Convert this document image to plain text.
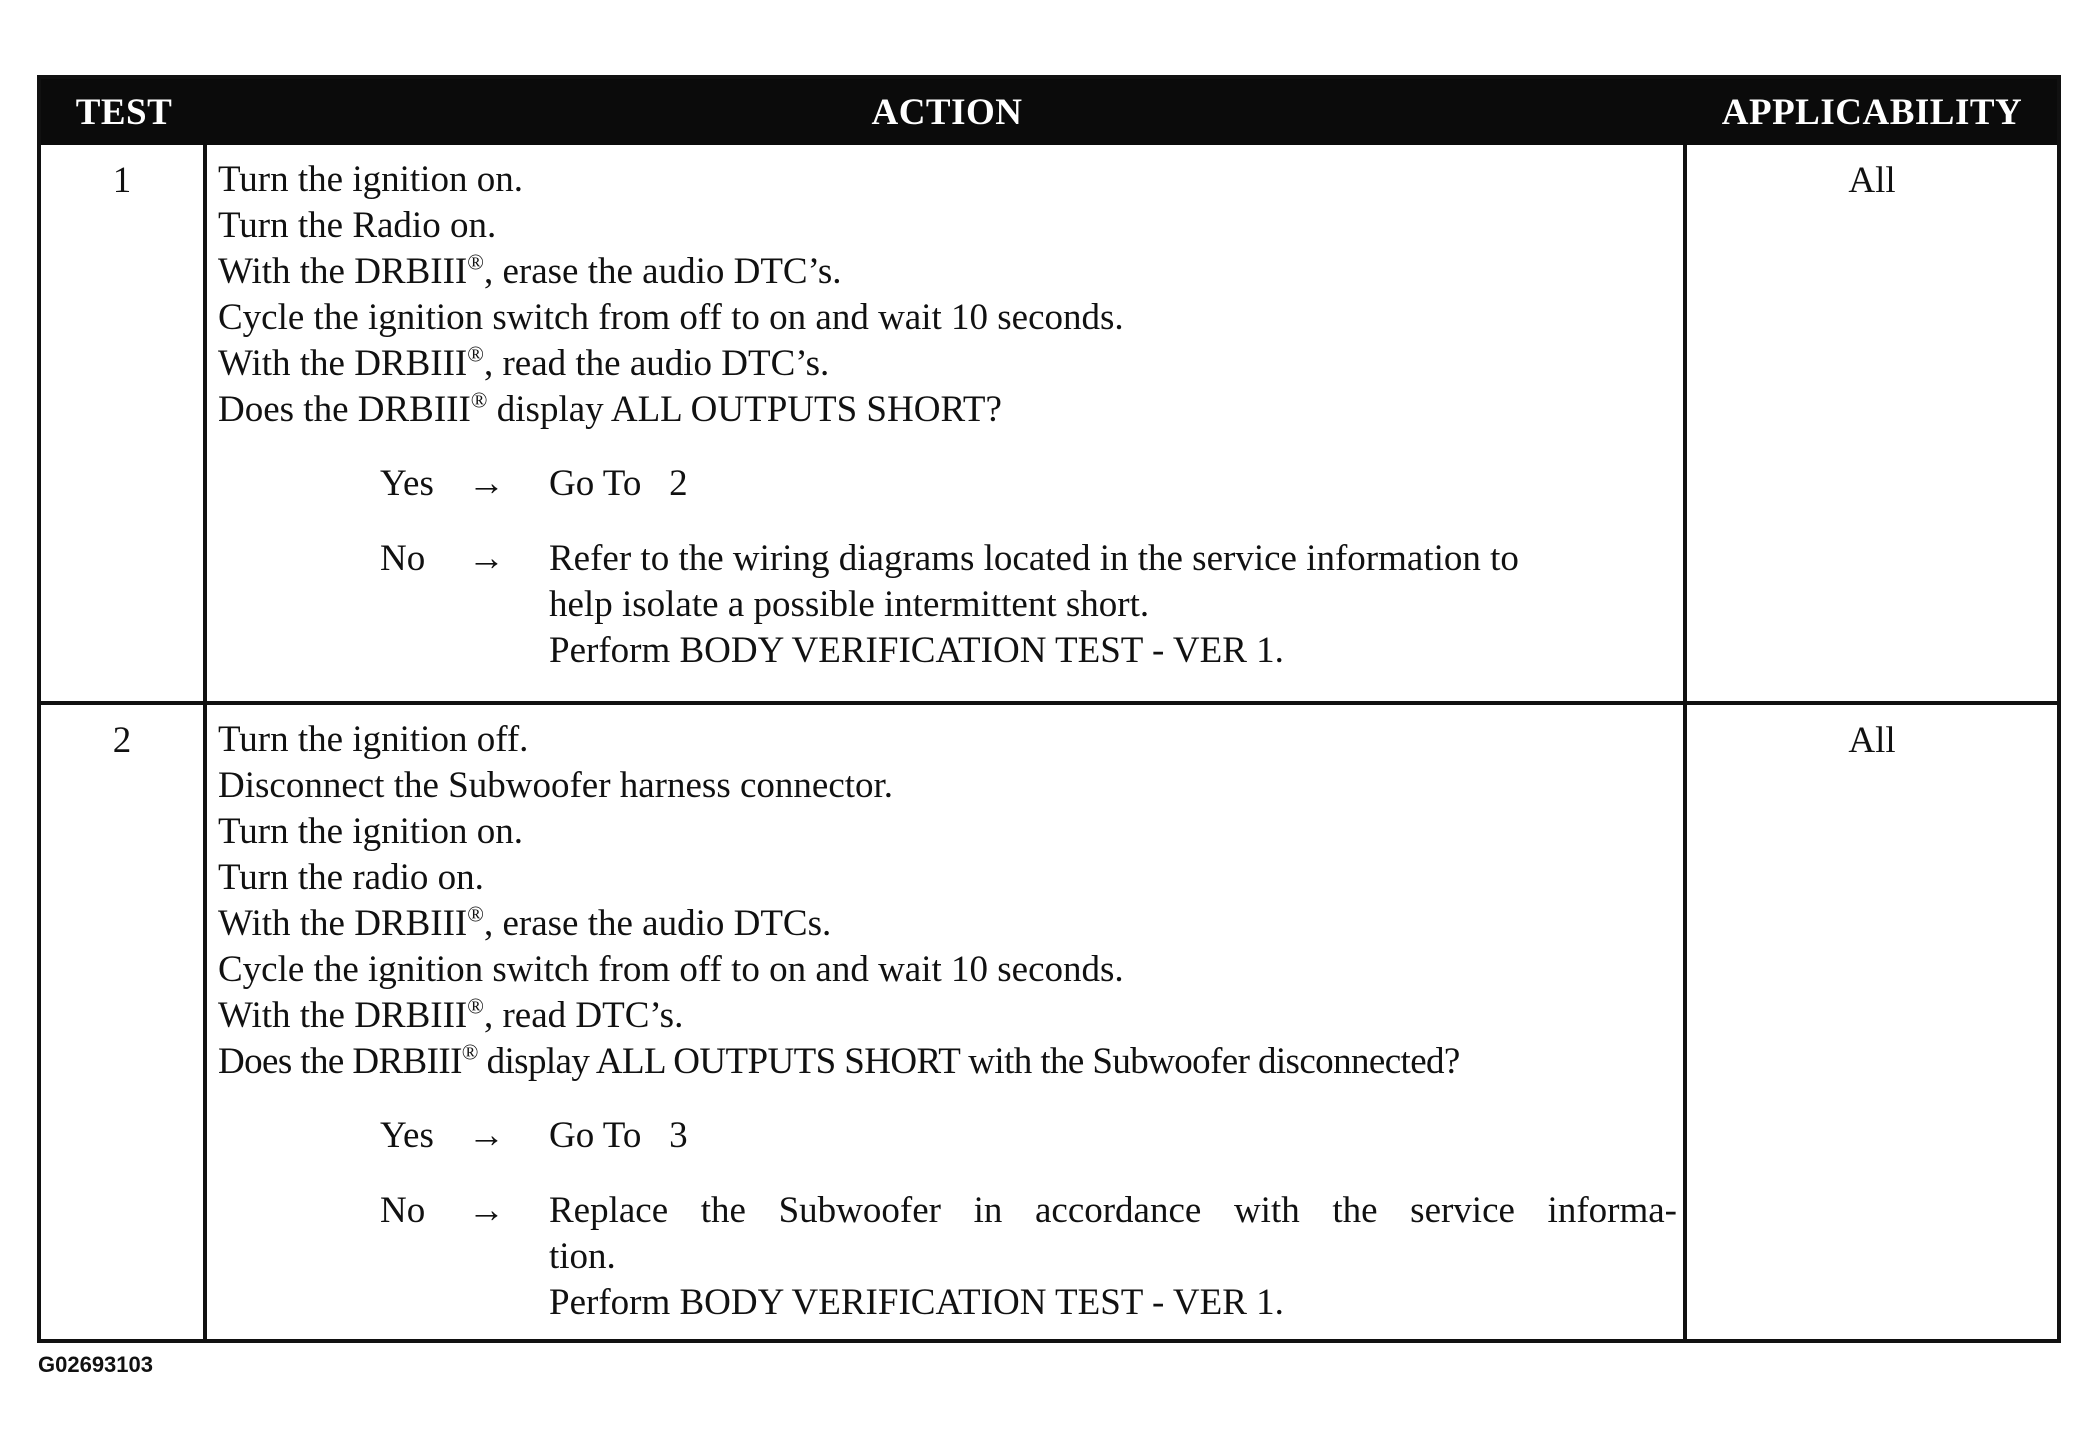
TEST	ACTION	APPLICABILITY
1	Turn the ignition on.
Turn the Radio on.
With the DRBIII®, erase the audio DTC’s.
Cycle the ignition switch from off to on and wait 10 seconds.
With the DRBIII®, read the audio DTC’s.
Does the DRBIII® display ALL OUTPUTS SHORT?
Yes →	Go To   2
No	→	Refer to the wiring diagrams located in the service information to
help isolate a possible intermittent short.
Perform BODY VERIFICATION TEST - VER 1.
All
2	Turn the ignition off.
Disconnect the Subwoofer harness connector.
Turn the ignition on.
Turn the radio on.
With the DRBIII®, erase the audio DTCs.
Cycle the ignition switch from off to on and wait 10 seconds.
With the DRBIII®, read DTC’s.
Does the DRBIII® display ALL OUTPUTS SHORT with the Subwoofer disconnected?
Yes →	Go To   3
No	→	Replace the Subwoofer in accordance with the service informa-
tion.
Perform BODY VERIFICATION TEST - VER 1.
All
G02693103
